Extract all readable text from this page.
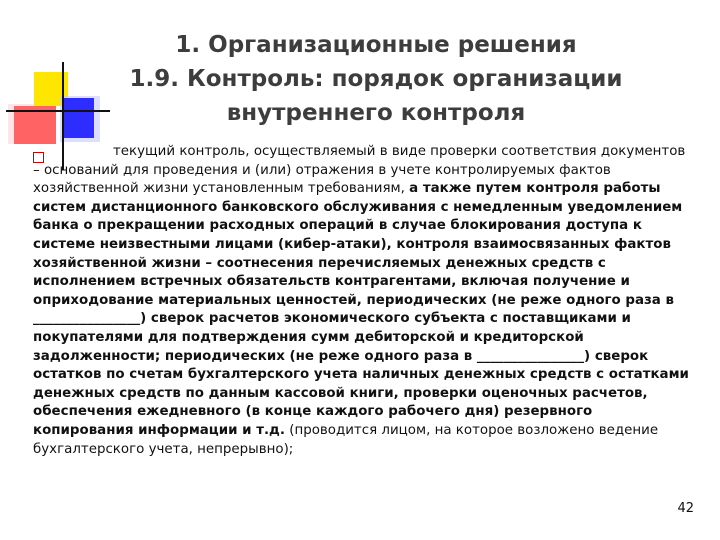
1. Организационные решения
1.9. Контроль: порядок организации
внутреннего контроля
текущий контроль, осуществляемый в виде проверки соответствия документов – оснований для проведения и (или) отражения в учете контролируемых фактов хозяйственной жизни установленным требованиям, а также путем контроля работы систем дистанционного банковского обслуживания с немедленным уведомлением банка о прекращении расходных операций в случае блокирования доступа к системе неизвестными лицами (кибер-атаки), контроля взаимосвязанных фактов хозяйственной жизни – соотнесения перечисляемых денежных средств с исполнением встречных обязательств контрагентами, включая получение и оприходование материальных ценностей, периодических (не реже одного раза в ________________) сверок расчетов экономического субъекта с поставщиками и покупателями для подтверждения сумм дебиторской и кредиторской задолженности; периодических (не реже одного раза в ________________) сверок остатков по счетам бухгалтерского учета наличных денежных средств с остатками денежных средств по данным кассовой книги, проверки оценочных расчетов, обеспечения ежедневного (в конце каждого рабочего дня) резервного копирования информации и т.д. (проводится лицом, на которое возложено ведение бухгалтерского учета, непрерывно);
42
